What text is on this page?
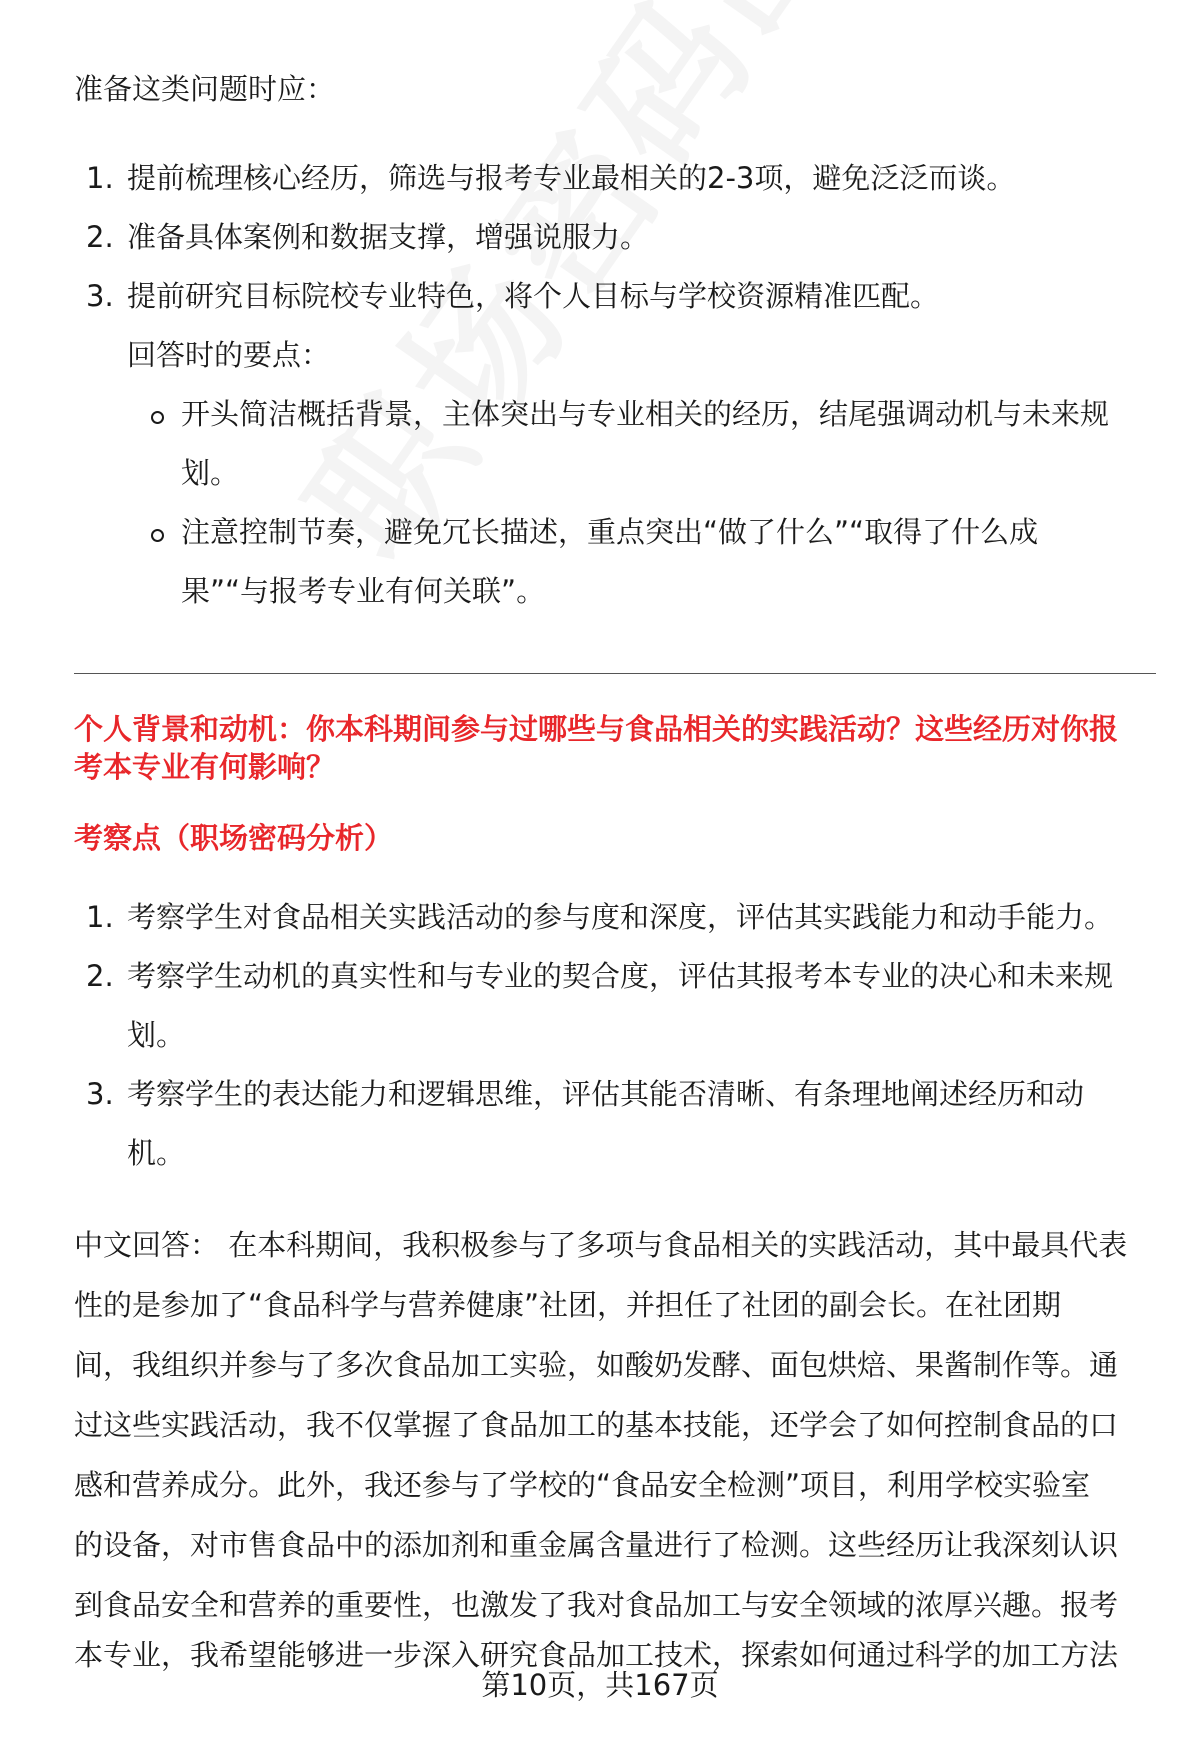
准备这类问题时应：
1. 提前梳理核心经历，筛选与报考专业最相关的2-3项，避免泛泛而谈。
2. 准备具体案例和数据支撑，增强说服力。
3. 提前研究目标院校专业特色，将个人目标与学校资源精准匹配。
回答时的要点：
开头简洁概括背景，主体突出与专业相关的经历，结尾强调动机与未来规
划。
注意控制节奏，避免冗长描述，重点突出“做了什么”“取得了什么成
果”“与报考专业有何关联”。
个人背景和动机：你本科期间参与过哪些与食品相关的实践活动？这些经历对你报
考本专业有何影响？
考察点（职场密码分析）
1. 考察学生对食品相关实践活动的参与度和深度，评估其实践能力和动手能力。
2. 考察学生动机的真实性和与专业的契合度，评估其报考本专业的决心和未来规
划。
3. 考察学生的表达能力和逻辑思维，评估其能否清晰、有条理地阐述经历和动
机。
中文回答： 在本科期间，我积极参与了多项与食品相关的实践活动，其中最具代表
性的是参加了“食品科学与营养健康”社团，并担任了社团的副会长。在社团期
间，我组织并参与了多次食品加工实验，如酸奶发酵、面包烘焙、果酱制作等。通
过这些实践活动，我不仅掌握了食品加工的基本技能，还学会了如何控制食品的口
感和营养成分。此外，我还参与了学校的“食品安全检测”项目，利用学校实验室
的设备，对市售食品中的添加剂和重金属含量进行了检测。这些经历让我深刻认识
到食品安全和营养的重要性，也激发了我对食品加工与安全领域的浓厚兴趣。报考
本专业，我希望能够进一步深入研究食品加工技术，探索如何通过科学的加工方法
第10页，共167页
